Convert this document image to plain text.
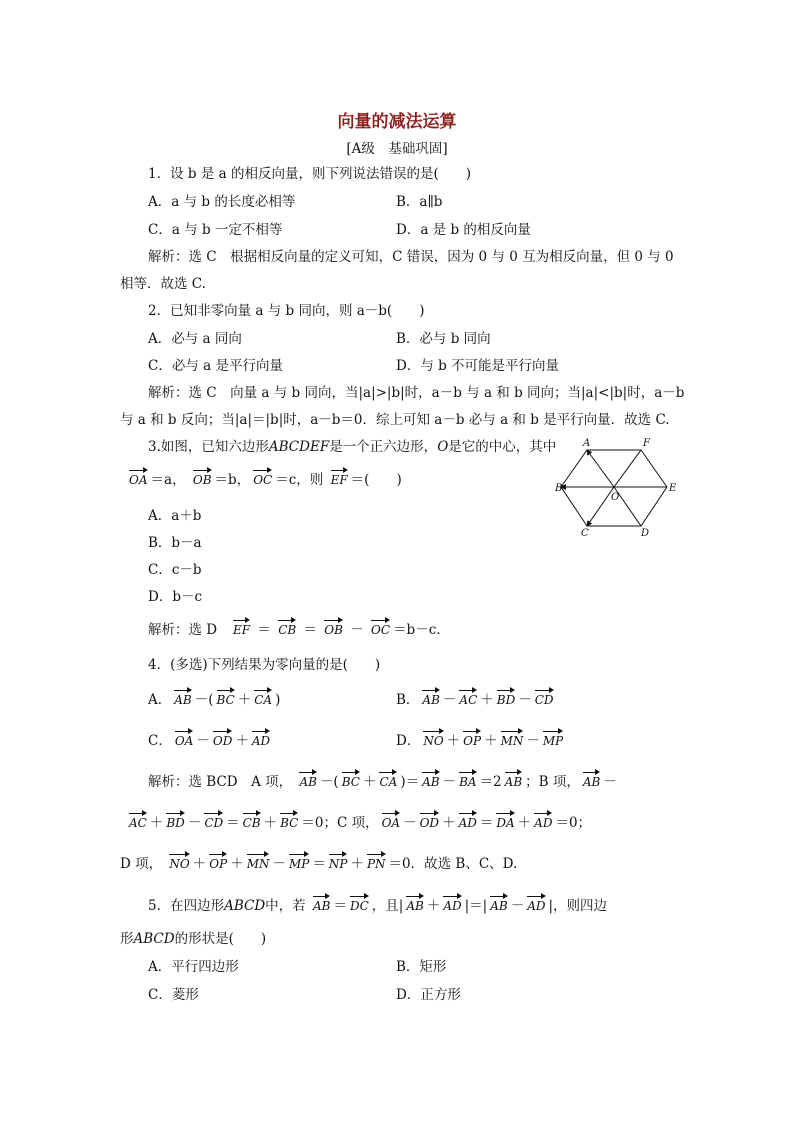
向量的减法运算
[A级　基础巩固]
1．设 b 是 a 的相反向量，则下列说法错误的是(　　)
A．a 与 b 的长度必相等	B．a∥b
C．a 与 b 一定不相等	D．a 是 b 的相反向量
解析：选 C　根据相反向量的定义可知，C 错误，因为 0 与 0 互为相反向量，但 0 与 0
相等．故选 C.
2．已知非零向量 a 与 b 同向，则 a－b(　　)
A．必与 a 同向	B．必与 b 同向
C．必与 a 是平行向量	D．与 b 不可能是平行向量
解析：选 C　向量 a 与 b 同向，当|a|>|b|时，a－b 与 a 和 b 同向；当|a|<|b|时，a－b
与 a 和 b 反向；当|a|＝|b|时，a－b＝0．综上可知 a－b 必与 a 和 b 是平行向量．故选 C.
3.如图，已知六边形ABCDEF是一个正六边形，O是它的中心，其中
OA ＝a， OB ＝b， OC ＝c，则 EF ＝(　　)
A．a＋b
B．b－a
C．c－b
D．b－c
解析：选 D EF ＝ CB ＝ OB － OC ＝b－c.
A	F
B	E
C	D
O
4．(多选)下列结果为零向量的是(　　)
A． AB －( BC ＋ CA )	B． AB － AC ＋ BD － CD
C． OA － OD ＋ AD	D． NO ＋ OP ＋ MN － MP
解析：选 BCD　A 项， AB －( BC ＋ CA )＝ AB － BA ＝2 AB ；B 项， AB －
AC ＋ BD － CD ＝ CB ＋ BC ＝0；C 项， OA － OD ＋ AD ＝ DA ＋ AD ＝0；
D 项， NO ＋ OP ＋ MN － MP ＝ NP ＋ PN ＝0．故选 B、C、D.
5．在四边形ABCD中，若 AB ＝ DC ，且| AB ＋ AD |＝| AB － AD |，则四边
形ABCD的形状是(　　)
A．平行四边形	B．矩形
C．菱形	D．正方形
